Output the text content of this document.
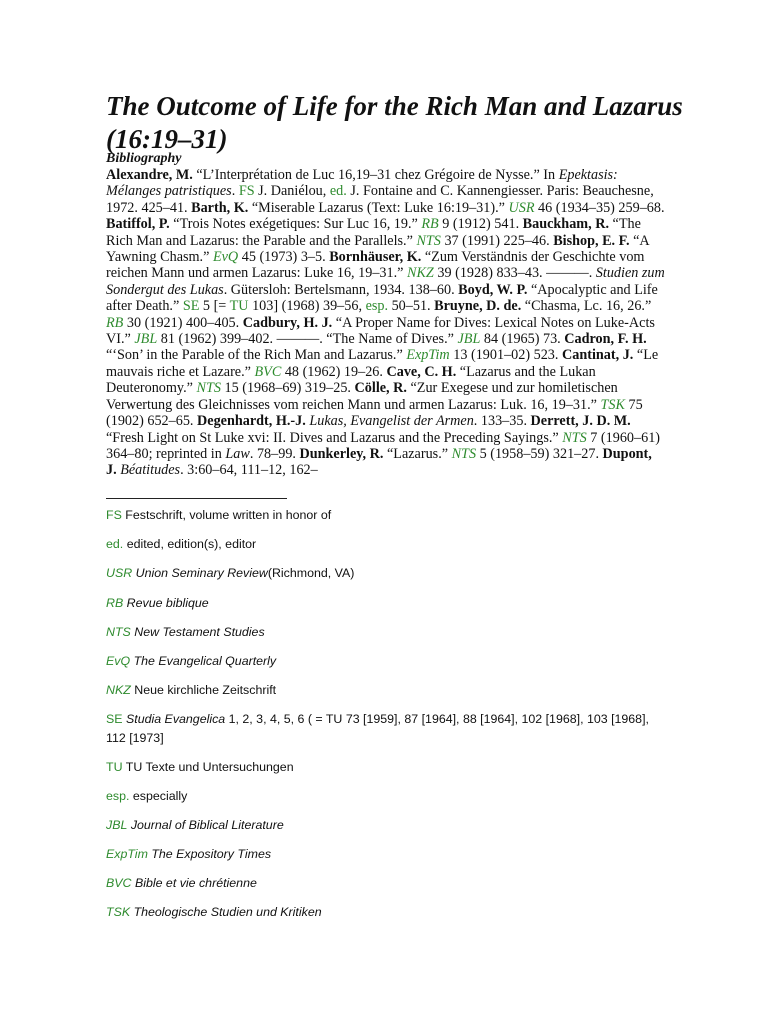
The Outcome of Life for the Rich Man and Lazarus (16:19–31)
Bibliography
Alexandre, M. “L’Interprétation de Luc 16,19–31 chez Grégoire de Nysse.” In Epektasis: Mélanges patristiques. FS J. Daniélou, ed. J. Fontaine and C. Kannengiesser. Paris: Beauchesne, 1972. 425–41. Barth, K. “Miserable Lazarus (Text: Luke 16:19–31).” USR 46 (1934–35) 259–68. Batiffol, P. “Trois Notes exégetiques: Sur Luc 16, 19.” RB 9 (1912) 541. Bauckham, R. “The Rich Man and Lazarus: the Parable and the Parallels.” NTS 37 (1991) 225–46. Bishop, E. F. “A Yawning Chasm.” EvQ 45 (1973) 3–5. Bornhäuser, K. “Zum Verständnis der Geschichte vom reichen Mann und armen Lazarus: Luke 16, 19–31.” NKZ 39 (1928) 833–43. ———. Studien zum Sondergut des Lukas. Gütersloh: Bertelsmann, 1934. 138–60. Boyd, W. P. “Apocalyptic and Life after Death.” SE 5 [= TU 103] (1968) 39–56, esp. 50–51. Bruyne, D. de. “Chasma, Lc. 16, 26.” RB 30 (1921) 400–405. Cadbury, H. J. “A Proper Name for Dives: Lexical Notes on Luke-Acts VI.” JBL 81 (1962) 399–402. ———. “The Name of Dives.” JBL 84 (1965) 73. Cadron, F. H. “‘Son’ in the Parable of the Rich Man and Lazarus.” ExpTim 13 (1901–02) 523. Cantinat, J. “Le mauvais riche et Lazare.” BVC 48 (1962) 19–26. Cave, C. H. “Lazarus and the Lukan Deuteronomy.” NTS 15 (1968–69) 319–25. Cölle, R. “Zur Exegese und zur homiletischen Verwertung des Gleichnisses vom reichen Mann und armen Lazarus: Luk. 16, 19–31.” TSK 75 (1902) 652–65. Degenhardt, H.-J. Lukas, Evangelist der Armen. 133–35. Derrett, J. D. M. “Fresh Light on St Luke xvi: II. Dives and Lazarus and the Preceding Sayings.” NTS 7 (1960–61) 364–80; reprinted in Law. 78–99. Dunkerley, R. “Lazarus.” NTS 5 (1958–59) 321–27. Dupont, J. Béatitudes. 3:60–64, 111–12, 162–
FS Festschrift, volume written in honor of
ed. edited, edition(s), editor
USR Union Seminary Review(Richmond, VA)
RB Revue biblique
NTS New Testament Studies
EvQ The Evangelical Quarterly
NKZ Neue kirchliche Zeitschrift
SE Studia Evangelica 1, 2, 3, 4, 5, 6 ( = TU 73 [1959], 87 [1964], 88 [1964], 102 [1968], 103 [1968], 112 [1973]
TU TU Texte und Untersuchungen
esp. especially
JBL Journal of Biblical Literature
ExpTim The Expository Times
BVC Bible et vie chrétienne
TSK Theologische Studien und Kritiken
